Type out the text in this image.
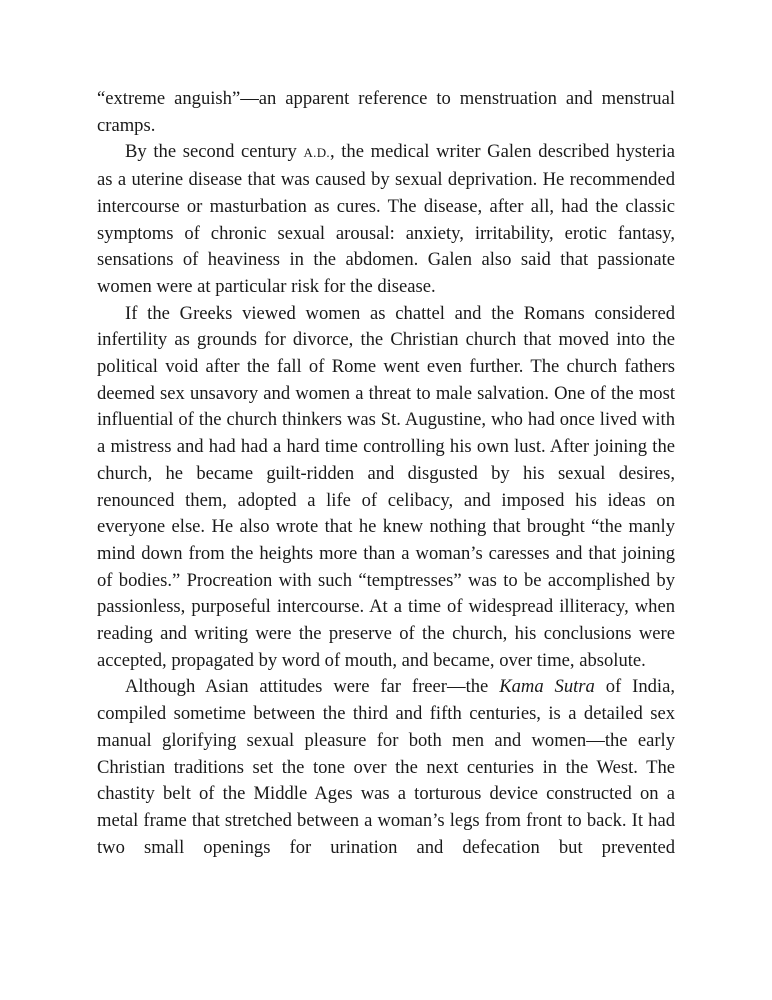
“extreme anguish”—an apparent reference to menstruation and menstrual cramps.

By the second century A.D., the medical writer Galen described hysteria as a uterine disease that was caused by sexual deprivation. He recommended intercourse or masturbation as cures. The disease, after all, had the classic symptoms of chronic sexual arousal: anxiety, irritability, erotic fantasy, sensations of heaviness in the abdomen. Galen also said that passionate women were at particular risk for the disease.

If the Greeks viewed women as chattel and the Romans considered infertility as grounds for divorce, the Christian church that moved into the political void after the fall of Rome went even further. The church fathers deemed sex unsavory and women a threat to male salvation. One of the most influential of the church thinkers was St. Augustine, who had once lived with a mistress and had had a hard time controlling his own lust. After joining the church, he became guilt-ridden and disgusted by his sexual desires, renounced them, adopted a life of celibacy, and imposed his ideas on everyone else. He also wrote that he knew nothing that brought “the manly mind down from the heights more than a woman’s caresses and that joining of bodies.” Procreation with such “temptresses” was to be accomplished by passionless, purposeful intercourse. At a time of widespread illiteracy, when reading and writing were the preserve of the church, his conclusions were accepted, propagated by word of mouth, and became, over time, absolute.

Although Asian attitudes were far freer—the Kama Sutra of India, compiled sometime between the third and fifth centuries, is a detailed sex manual glorifying sexual pleasure for both men and women—the early Christian traditions set the tone over the next centuries in the West. The chastity belt of the Middle Ages was a torturous device constructed on a metal frame that stretched between a woman’s legs from front to back. It had two small openings for urination and defecation but prevented
